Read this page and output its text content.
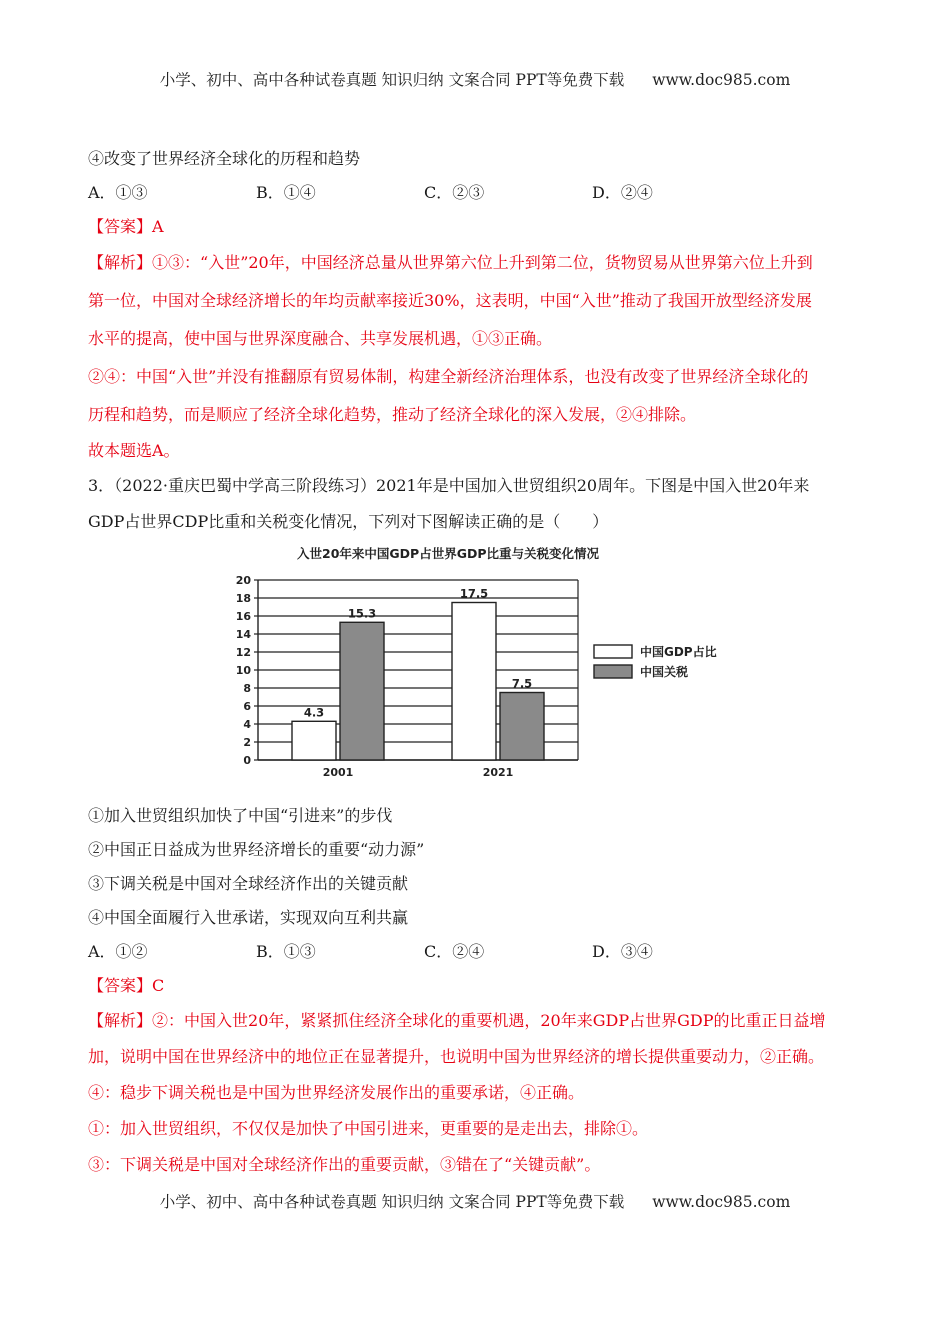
小学、初中、高中各种试卷真题 知识归纳 文案合同 PPT等免费下载 www.doc985.com
④改变了世界经济全球化的历程和趋势
A．①③	B．①④	C．②③	D．②④
【答案】A
【解析】①③：“入世”20年，中国经济总量从世界第六位上升到第二位，货物贸易从世界第六位上升到
第一位，中国对全球经济增长的年均贡献率接近30%，这表明，中国“入世”推动了我国开放型经济发展
水平的提高，使中国与世界深度融合、共享发展机遇，①③正确。
②④：中国“入世”并没有推翻原有贸易体制，构建全新经济治理体系，也没有改变了世界经济全球化的
历程和趋势，而是顺应了经济全球化趋势，推动了经济全球化的深入发展，②④排除。
故本题选A。
3．（2022·重庆巴蜀中学高三阶段练习）2021年是中国加入世贸组织20周年。下图是中国入世20年来
GDP占世界CDP比重和关税变化情况，下列对下图解读正确的是（　　）
入世20年来中国GDP占世界GDP比重与关税变化情况
0
2
4
6
8
10
12
14
16
18
20
4.3
15.3
2001
17.5
7.5
2021
中国GDP占比
中国关税
①加入世贸组织加快了中国“引进来”的步伐
②中国正日益成为世界经济增长的重要“动力源”
③下调关税是中国对全球经济作出的关键贡献
④中国全面履行入世承诺，实现双向互利共赢
A．①②	B．①③	C．②④	D．③④
【答案】C
【解析】②：中国入世20年，紧紧抓住经济全球化的重要机遇，20年来GDP占世界GDP的比重正日益增
加，说明中国在世界经济中的地位正在显著提升，也说明中国为世界经济的增长提供重要动力，②正确。
④：稳步下调关税也是中国为世界经济发展作出的重要承诺，④正确。
①：加入世贸组织，不仅仅是加快了中国引进来，更重要的是走出去，排除①。
③：下调关税是中国对全球经济作出的重要贡献，③错在了“关键贡献”。
小学、初中、高中各种试卷真题 知识归纳 文案合同 PPT等免费下载 www.doc985.com
